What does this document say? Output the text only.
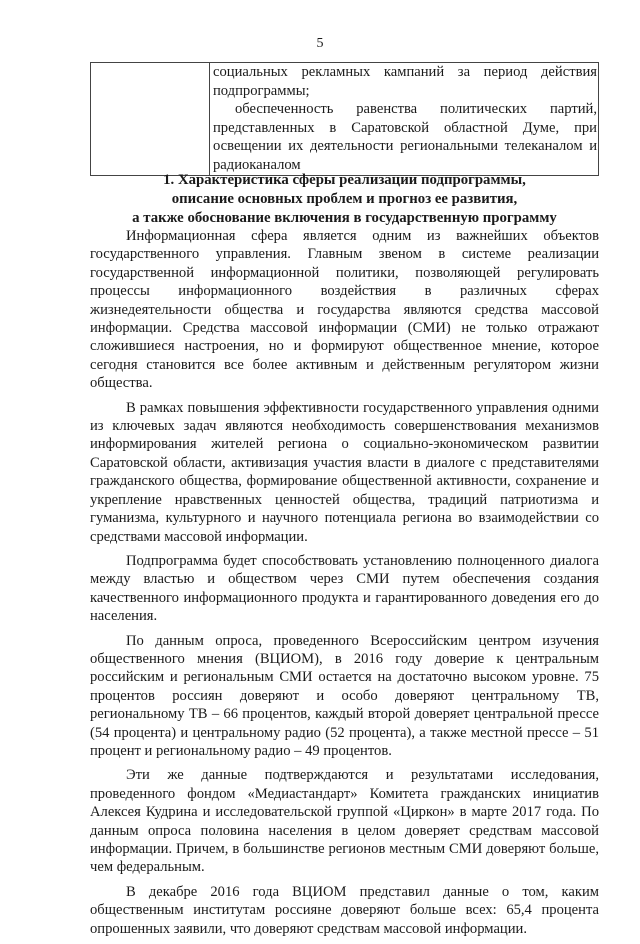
5

социальных рекламных кампаний за период действия подпрограммы;

обеспеченность равенства политических партий, представленных в Саратовской областной Думе, при освещении их деятельности региональными телеканалом и радиоканалом

1. Характеристика сферы реализации подпрограммы,
описание основных проблем и прогноз ее развития,
а также обоснование включения в государственную программу

Информационная сфера является одним из важнейших объектов государственного управления. Главным звеном в системе реализации государственной информационной политики, позволяющей регулировать процессы информационного воздействия в различных сферах жизнедеятельности общества и государства являются средства массовой информации. Средства массовой информации (СМИ) не только отражают сложившиеся настроения, но и формируют общественное мнение, которое сегодня становится все более активным и действенным регулятором жизни общества.

В рамках повышения эффективности государственного управления одними из ключевых задач являются необходимость совершенствования механизмов информирования жителей региона о социально-экономическом развитии Саратовской области, активизация участия власти в диалоге с представителями гражданского общества, формирование общественной активности, сохранение и укрепление нравственных ценностей общества, традиций патриотизма и гуманизма, культурного и научного потенциала региона во взаимодействии со средствами массовой информации.

Подпрограмма будет способствовать установлению полноценного диалога между властью и обществом через СМИ путем обеспечения создания качественного информационного продукта и гарантированного доведения его до населения.

По данным опроса, проведенного Всероссийским центром изучения общественного мнения (ВЦИОМ), в 2016 году доверие к центральным российским и региональным СМИ остается на достаточно высоком уровне. 75 процентов россиян доверяют и особо доверяют центральному ТВ, региональному ТВ – 66 процентов, каждый второй доверяет центральной прессе (54 процента) и центральному радио (52 процента), а также местной прессе – 51 процент и региональному радио – 49 процентов.

Эти же данные подтверждаются и результатами исследования, проведенного фондом «Медиастандарт» Комитета гражданских инициатив Алексея Кудрина и исследовательской группой «Циркон» в марте 2017 года. По данным опроса половина населения в целом доверяет средствам массовой информации. Причем, в большинстве регионов местным СМИ доверяют больше, чем федеральным.

В декабре 2016 года ВЦИОМ представил данные о том, каким общественным институтам россияне доверяют больше всех: 65,4 процента опрошенных заявили, что доверяют средствам массовой информации.
